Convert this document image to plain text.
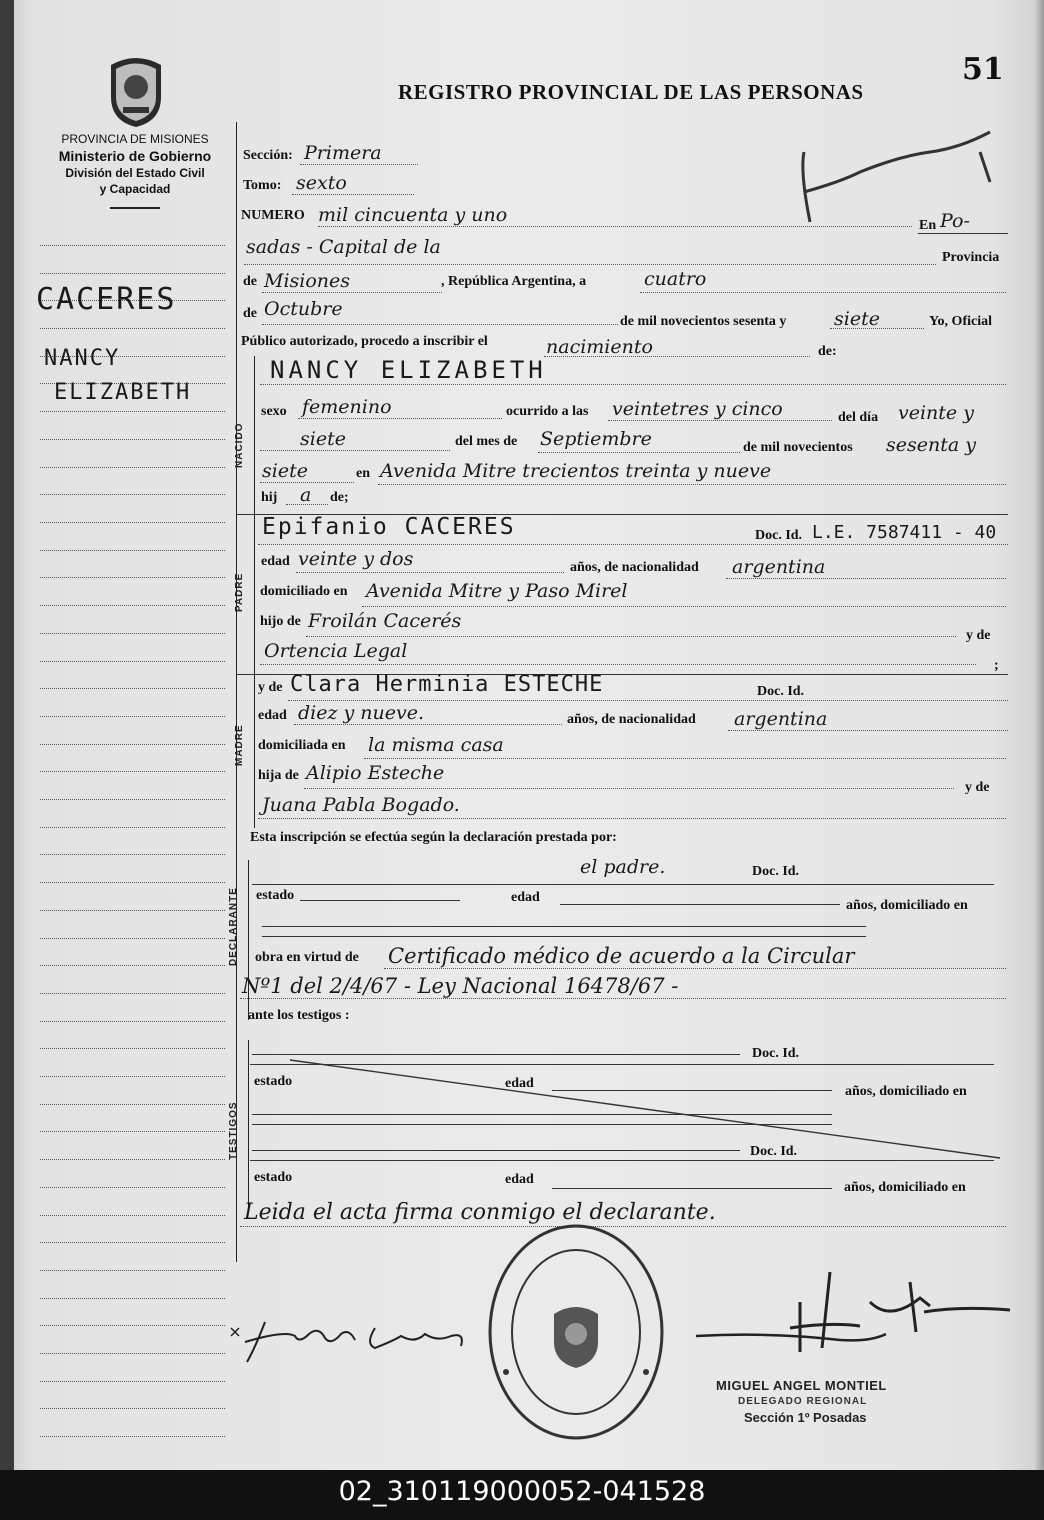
51
REGISTRO PROVINCIAL DE LAS PERSONAS
PROVINCIA DE MISIONES
Ministerio de Gobierno
División del Estado Civil
y Capacidad
CACERES
NANCY
ELIZABETH
NACIDO
PADRE
MADRE
DECLARANTE
TESTIGOS
Sección: Primera
Tomo: sexto
NUMERO mil cincuenta y uno	En Po-
sadas - Capital de la	Provincia
de Misiones	, República Argentina, a	cuatro
de Octubre
de mil novecientos sesenta y	siete	Yo, Oficial
Público autorizado, procedo a inscribir el	nacimiento	de:
NANCY ELIZABETH
sexo femenino	ocurrido a las veintetres y cinco	del día veinte y
siete	del mes de Septiembre	de mil novecientos sesenta y
siete	en Avenida Mitre trecientos treinta y nueve
hij a de;
Epifanio CACERES	Doc. Id. L.E. 7587411 - 40
edad veinte y dos	años, de nacionalidad argentina
domiciliado en Avenida Mitre y Paso Mirel
hijo de Froilán Cacerés
y de
Ortencia Legal
;
y de Clara Herminia ESTECHE	Doc. Id.
edad diez y nueve.	años, de nacionalidad argentina
domiciliada en la misma casa
hija de Alipio Esteche
y de
Juana Pabla Bogado.
Esta inscripción se efectúa según la declaración prestada por:
el padre.	Doc. Id.
estado	edad
años, domiciliado en
obra en virtud de Certificado médico de acuerdo a la Circular
Nº1 del 2/4/67 - Ley Nacional 16478/67 -
ante los testigos :
Doc. Id.
estado	edad
años, domiciliado en
Doc. Id.
estado	edad
años, domiciliado en
Leida el acta firma conmigo el declarante.
MIGUEL ANGEL MONTIEL
DELEGADO REGIONAL
Sección 1º Posadas
02_310119000052-041528
